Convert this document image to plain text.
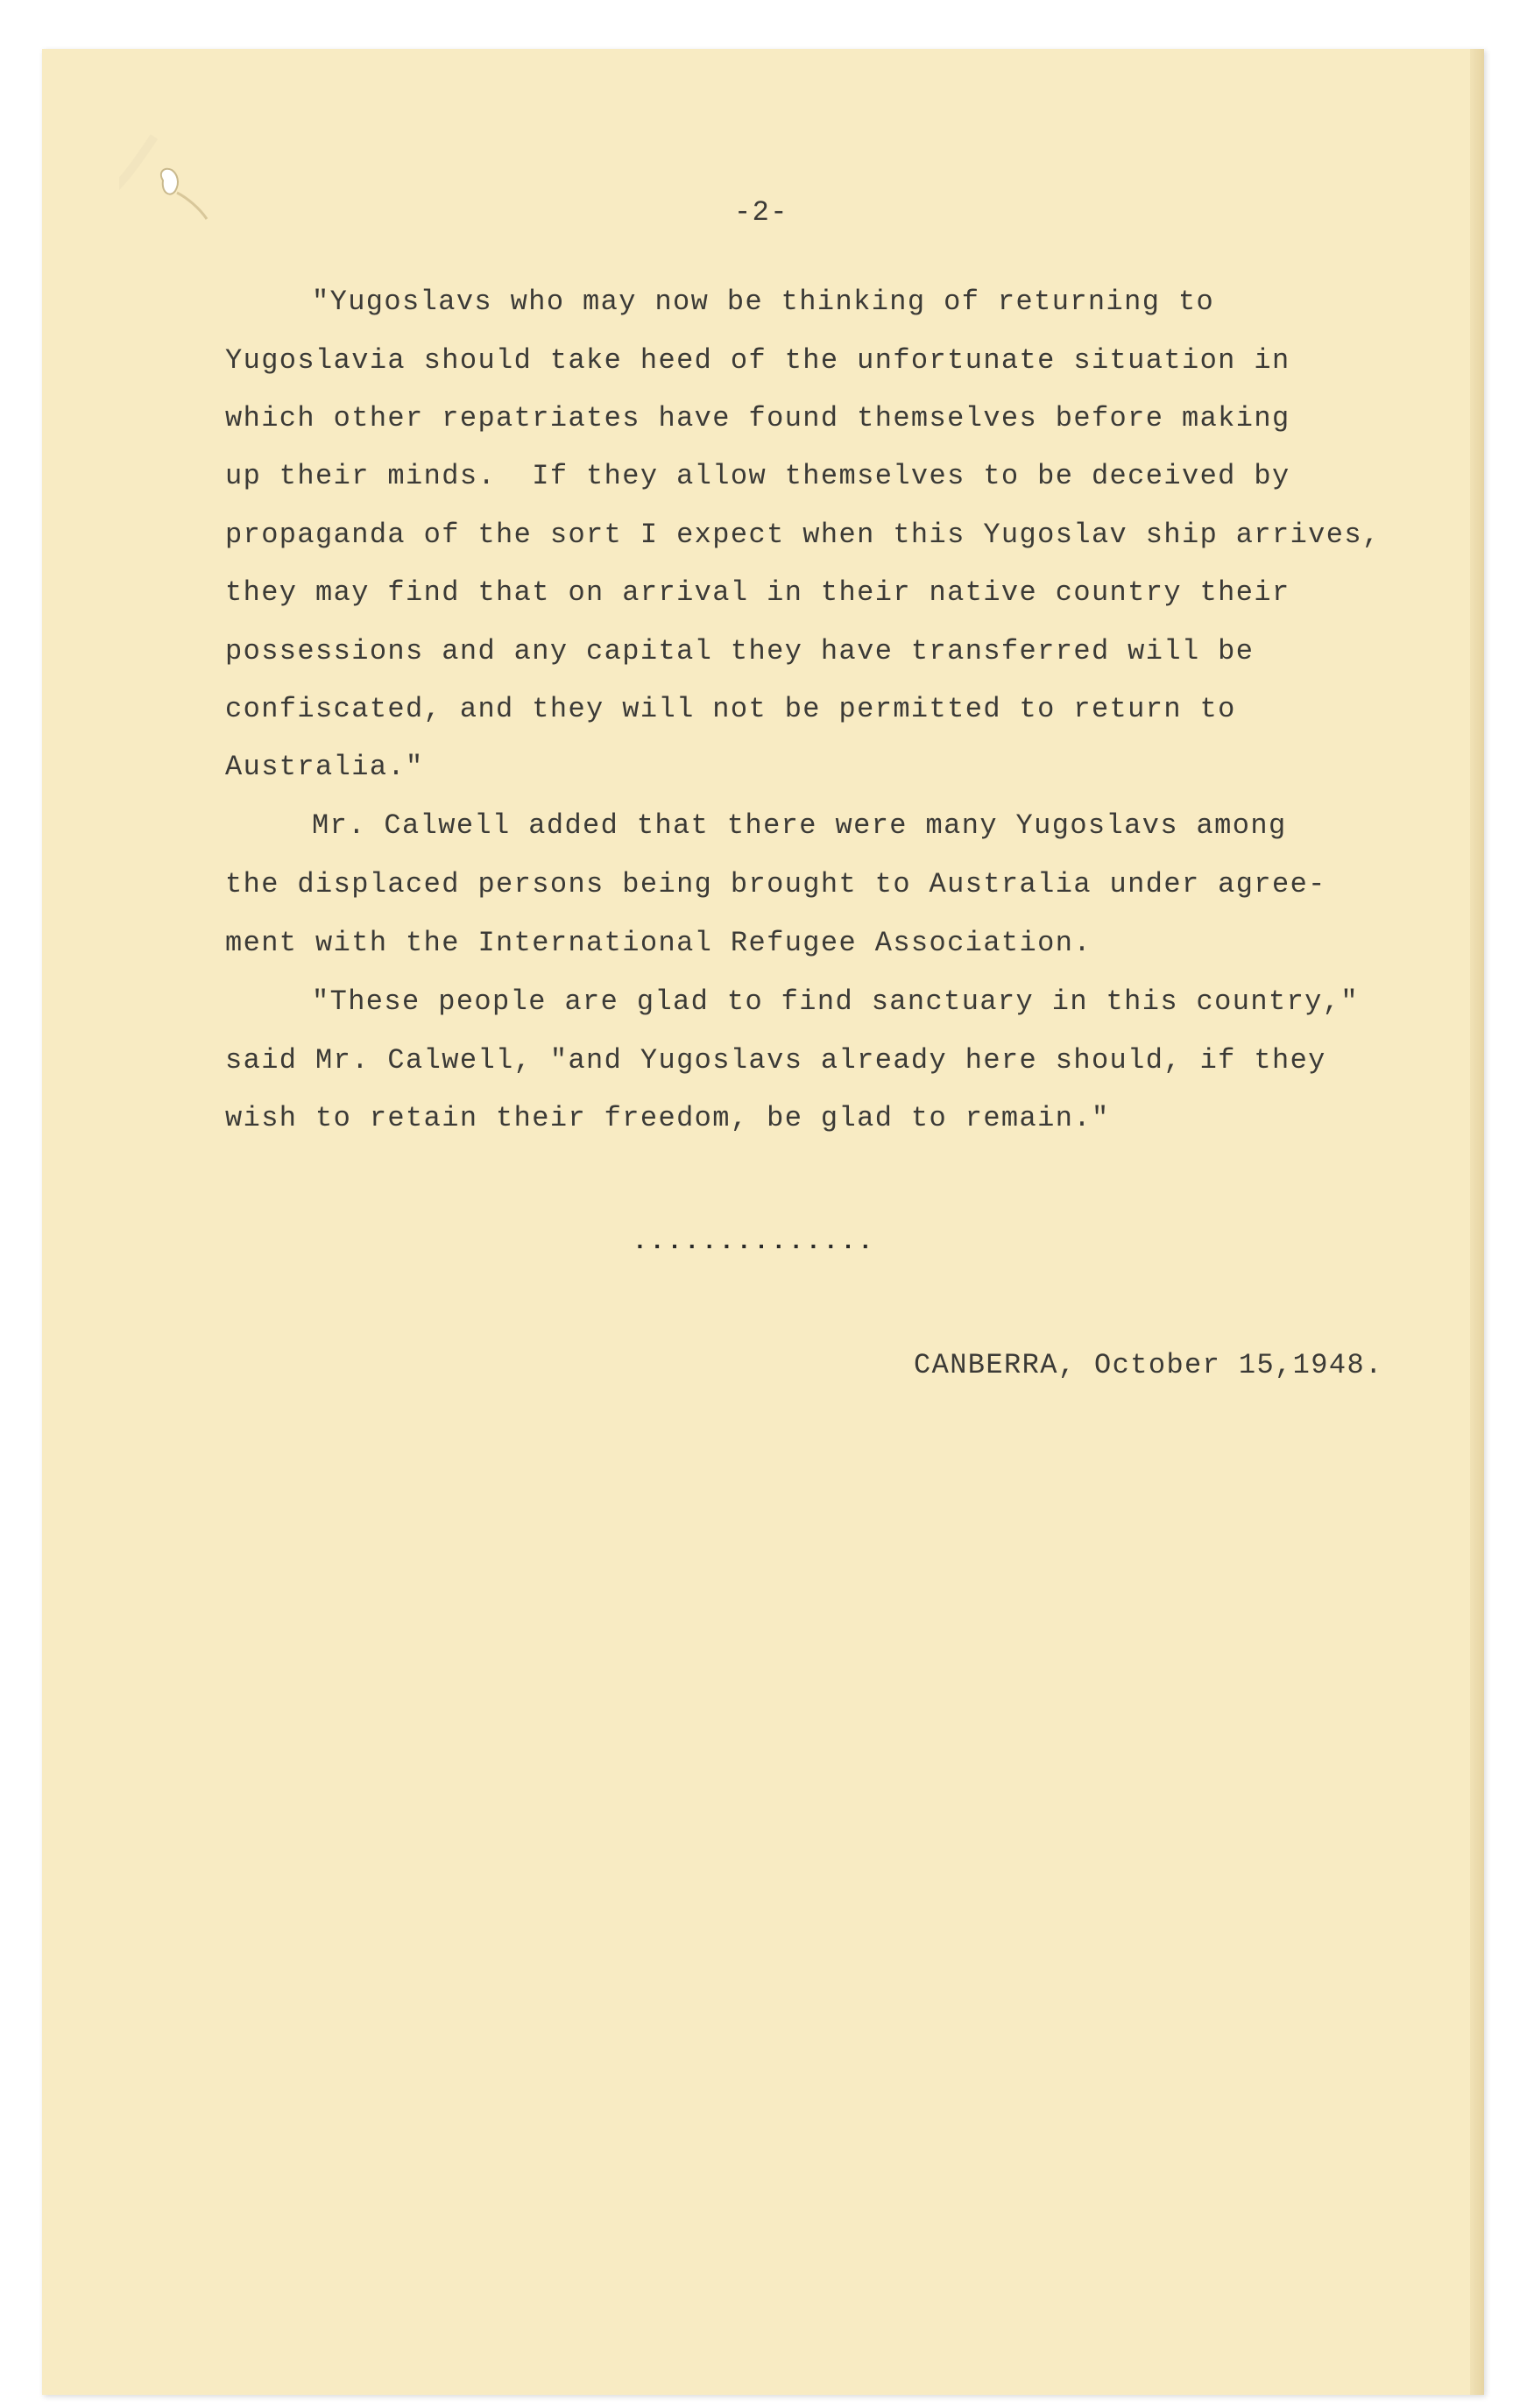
-2-
"Yugoslavs who may now be thinking of returning to
Yugoslavia should take heed of the unfortunate situation in
which other repatriates have found themselves before making
up their minds.  If they allow themselves to be deceived by
propaganda of the sort I expect when this Yugoslav ship arrives,
they may find that on arrival in their native country their
possessions and any capital they have transferred will be
confiscated, and they will not be permitted to return to
Australia."
Mr. Calwell added that there were many Yugoslavs among
the displaced persons being brought to Australia under agree-
ment with the International Refugee Association.
"These people are glad to find sanctuary in this country,"
said Mr. Calwell, "and Yugoslavs already here should, if they
wish to retain their freedom, be glad to remain."
..............
CANBERRA, October 15,1948.
